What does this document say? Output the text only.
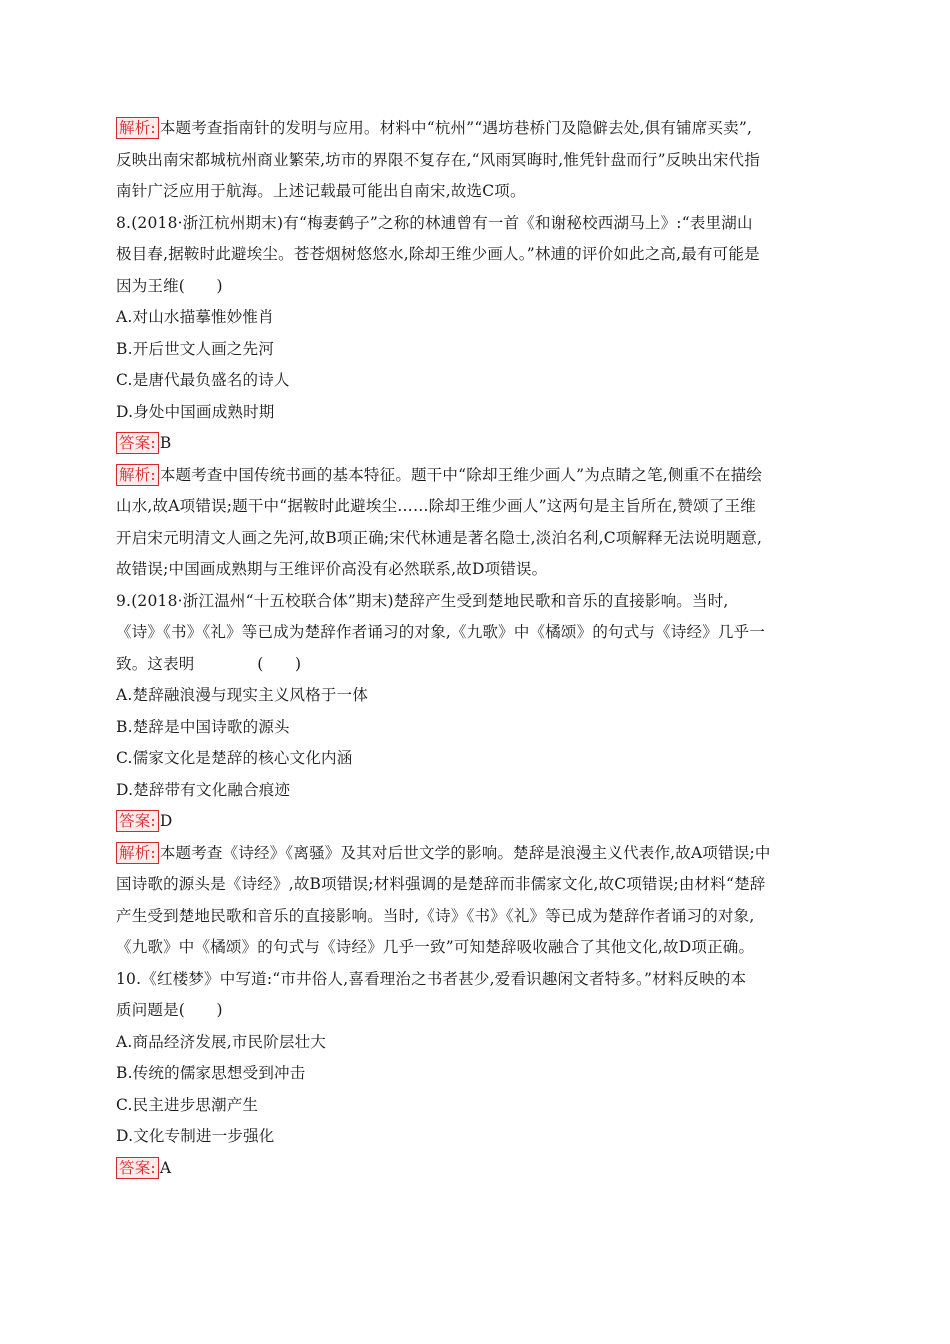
解析: 本题考查指南针的发明与应用。材料中“杭州”“遇坊巷桥门及隐僻去处,俱有铺席买卖”,
反映出南宋都城杭州商业繁荣,坊市的界限不复存在,“风雨冥晦时,惟凭针盘而行”反映出宋代指
南针广泛应用于航海。上述记载最可能出自南宋,故选C项。
8.(2018·浙江杭州期末)有“梅妻鹤子”之称的林逋曾有一首《和谢秘校西湖马上》:“表里湖山
极目春,据鞍时此避埃尘。苍苍烟树悠悠水,除却王维少画人。”林逋的评价如此之高,最有可能是
因为王维(　　)
A.对山水描摹惟妙惟肖
B.开后世文人画之先河
C.是唐代最负盛名的诗人
D.身处中国画成熟时期
答案: B
解析: 本题考查中国传统书画的基本特征。题干中“除却王维少画人”为点睛之笔,侧重不在描绘
山水,故A项错误;题干中“据鞍时此避埃尘……除却王维少画人”这两句是主旨所在,赞颂了王维
开启宋元明清文人画之先河,故B项正确;宋代林逋是著名隐士,淡泊名利,C项解释无法说明题意,
故错误;中国画成熟期与王维评价高没有必然联系,故D项错误。
9.(2018·浙江温州“十五校联合体”期末)楚辞产生受到楚地民歌和音乐的直接影响。当时,
《诗》《书》《礼》等已成为楚辞作者诵习的对象,《九歌》中《橘颂》的句式与《诗经》几乎一
致。这表明　　　　(　　)
A.楚辞融浪漫与现实主义风格于一体
B.楚辞是中国诗歌的源头
C.儒家文化是楚辞的核心文化内涵
D.楚辞带有文化融合痕迹
答案: D
解析: 本题考查《诗经》《离骚》及其对后世文学的影响。楚辞是浪漫主义代表作,故A项错误;中
国诗歌的源头是《诗经》,故B项错误;材料强调的是楚辞而非儒家文化,故C项错误;由材料“楚辞
产生受到楚地民歌和音乐的直接影响。当时,《诗》《书》《礼》等已成为楚辞作者诵习的对象,
《九歌》中《橘颂》的句式与《诗经》几乎一致”可知楚辞吸收融合了其他文化,故D项正确。
10.《红楼梦》中写道:“市井俗人,喜看理治之书者甚少,爱看识趣闲文者特多。”材料反映的本
质问题是(　　)
A.商品经济发展,市民阶层壮大
B.传统的儒家思想受到冲击
C.民主进步思潮产生
D.文化专制进一步强化
答案: A
